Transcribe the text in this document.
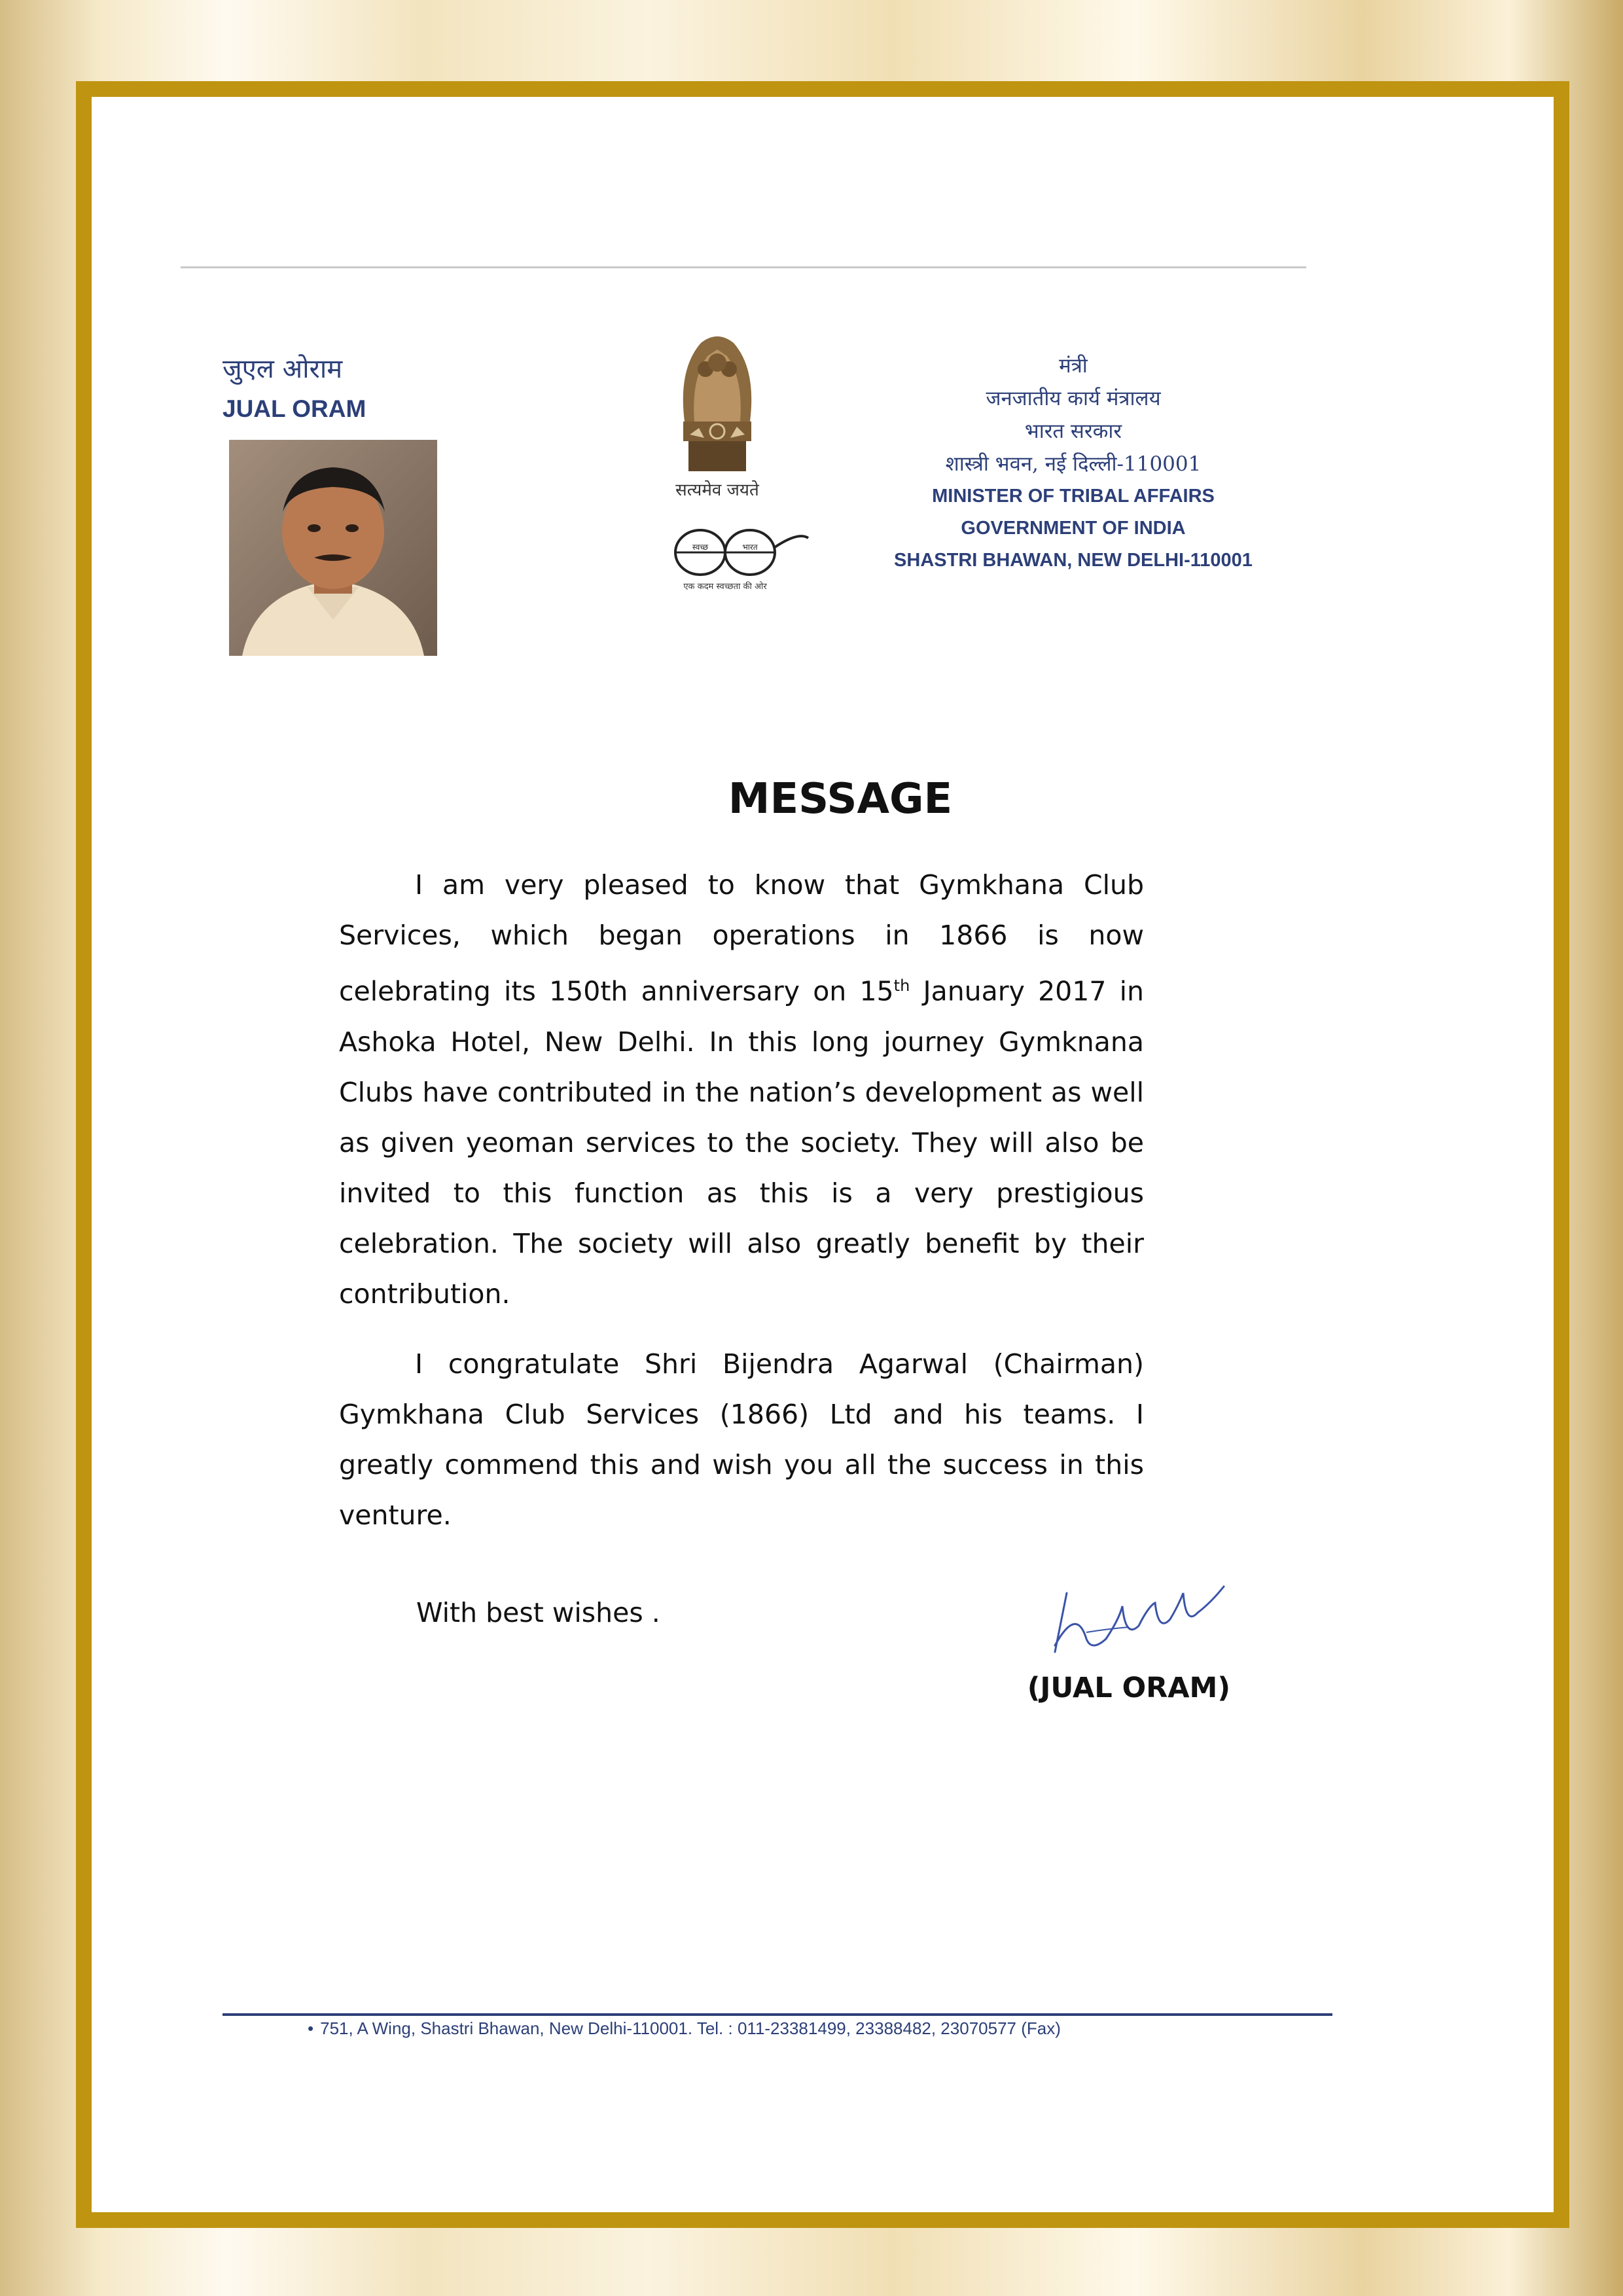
जुएल ओराम
JUAL ORAM
सत्यमेव जयते
स्वच्छ	भारत
एक कदम स्वच्छता की ओर
मंत्री
जनजातीय कार्य मंत्रालय
भारत सरकार
शास्त्री भवन, नई दिल्ली-110001
MINISTER OF TRIBAL AFFAIRS
GOVERNMENT OF INDIA
SHASTRI BHAWAN, NEW DELHI-110001
MESSAGE

I am very pleased to know that Gymkhana Club Services, which began operations in 1866 is now celebrating its 150th anniversary on 15th January 2017 in Ashoka Hotel, New Delhi. In this long journey Gymknana Clubs have contributed in the nation’s development as well as given yeoman services to the society. They will also be invited to this function as this is a very prestigious celebration. The society will also greatly benefit by their contribution.

I congratulate Shri Bijendra Agarwal (Chairman) Gymkhana Club Services (1866) Ltd and his teams. I greatly commend this and wish you all the success in this venture.

With best wishes .
(JUAL ORAM)
• 751, A Wing, Shastri Bhawan, New Delhi-110001. Tel. : 011-23381499, 23388482, 23070577 (Fax)
